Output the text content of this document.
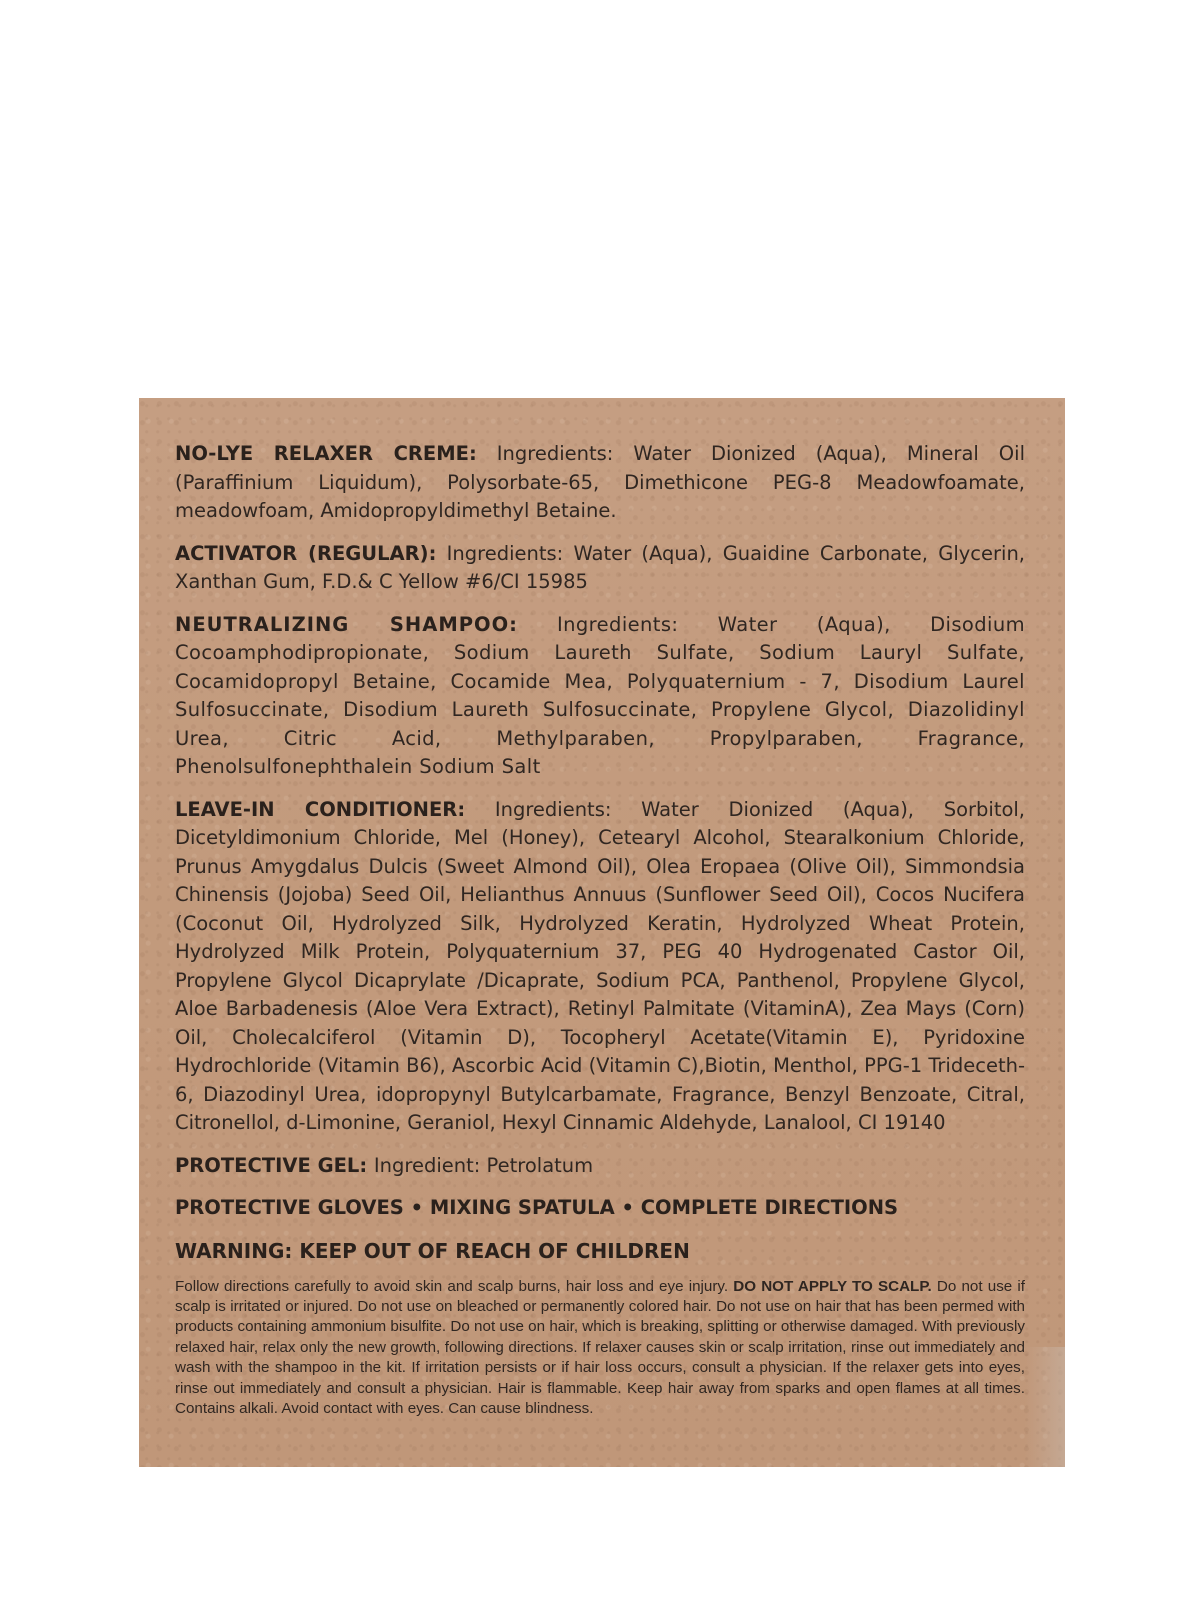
NO-LYE RELAXER CREME: Ingredients: Water Dionized (Aqua), Mineral Oil (Paraffinium Liquidum), Polysorbate-65, Dimethicone PEG-8 Meadowfoamate, meadowfoam, Amidopropyldimethyl Betaine.

ACTIVATOR (REGULAR): Ingredients: Water (Aqua), Guaidine Carbonate, Glycerin, Xanthan Gum, F.D.& C Yellow #6/CI 15985

NEUTRALIZING SHAMPOO: Ingredients: Water (Aqua), Disodium Cocoamphodipropionate, Sodium Laureth Sulfate, Sodium Lauryl Sulfate, Cocamidopropyl Betaine, Cocamide Mea, Polyquaternium - 7, Disodium Laurel Sulfosuccinate, Disodium Laureth Sulfosuccinate, Propylene Glycol, Diazolidinyl Urea, Citric Acid, Methylparaben, Propylparaben, Fragrance, Phenolsulfonephthalein Sodium Salt

LEAVE-IN CONDITIONER: Ingredients: Water Dionized (Aqua), Sorbitol, Dicetyldimonium Chloride, Mel (Honey), Cetearyl Alcohol, Stearalkonium Chloride, Prunus Amygdalus Dulcis (Sweet Almond Oil), Olea Eropaea (Olive Oil), Simmondsia Chinensis (Jojoba) Seed Oil, Helianthus Annuus (Sunflower Seed Oil), Cocos Nucifera (Coconut Oil, Hydrolyzed Silk, Hydrolyzed Keratin, Hydrolyzed Wheat Protein, Hydrolyzed Milk Protein, Polyquaternium 37, PEG 40 Hydrogenated Castor Oil, Propylene Glycol Dicaprylate /Dicaprate, Sodium PCA, Panthenol, Propylene Glycol, Aloe Barbadenesis (Aloe Vera Extract), Retinyl Palmitate (VitaminA), Zea Mays (Corn) Oil, Cholecalciferol (Vitamin D), Tocopheryl Acetate(Vitamin E), Pyridoxine Hydrochloride (Vitamin B6), Ascorbic Acid (Vitamin C),Biotin, Menthol, PPG-1 Trideceth-6, Diazodinyl Urea, idopropynyl Butylcarbamate, Fragrance, Benzyl Benzoate, Citral, Citronellol, d-Limonine, Geraniol, Hexyl Cinnamic Aldehyde, Lanalool, CI 19140

PROTECTIVE GEL: Ingredient: Petrolatum
PROTECTIVE GLOVES • MIXING SPATULA • COMPLETE DIRECTIONS
WARNING: KEEP OUT OF REACH OF CHILDREN

Follow directions carefully to avoid skin and scalp burns, hair loss and eye injury. DO NOT APPLY TO SCALP. Do not use if scalp is irritated or injured. Do not use on bleached or permanently colored hair. Do not use on hair that has been permed with products containing ammonium bisulfite. Do not use on hair, which is breaking, splitting or otherwise damaged. With previously relaxed hair, relax only the new growth, following directions. If relaxer causes skin or scalp irritation, rinse out immediately and wash with the shampoo in the kit. If irritation persists or if hair loss occurs, consult a physician. If the relaxer gets into eyes, rinse out immediately and consult a physician. Hair is flammable. Keep hair away from sparks and open flames at all times. Contains alkali. Avoid contact with eyes. Can cause blindness.
